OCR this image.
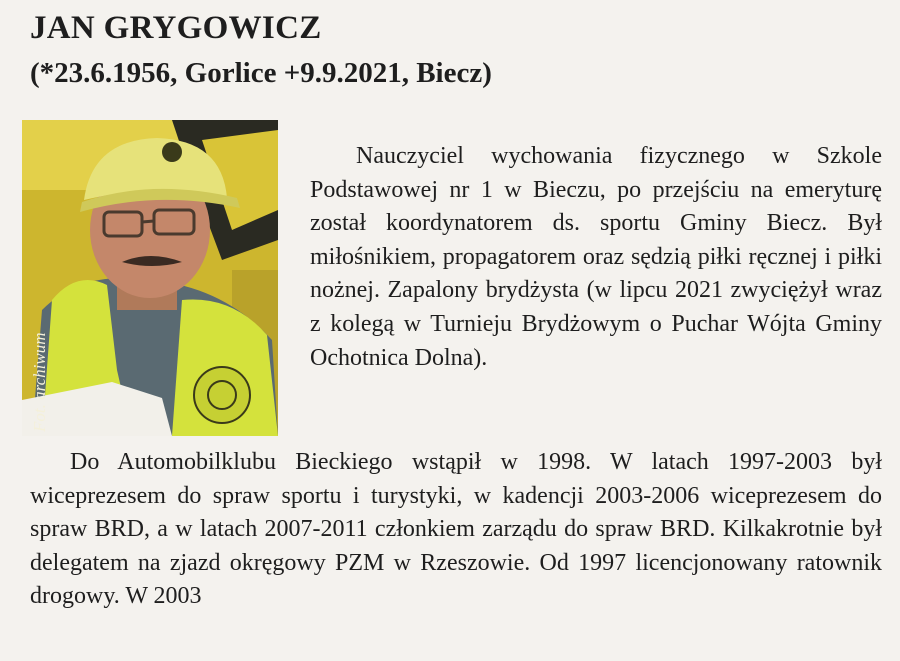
JAN GRYGOWICZ
(*23.6.1956, Gorlice +9.9.2021, Biecz)
Fot. archiwum

Nauczyciel wychowania fizycznego w Szkole Podstawowej nr 1 w Bieczu, po przejściu na emeryturę został koordynatorem ds. sportu Gminy Biecz. Był miłośnikiem, propagatorem oraz sędzią piłki ręcznej i piłki nożnej. Zapalony brydżysta (w lipcu 2021 zwyciężył wraz z kolegą w Turnieju Brydżowym o Puchar Wójta Gminy Ochotnica Dolna).

Do Automobilklubu Bieckiego wstąpił w 1998. W latach 1997-2003 był wiceprezesem do spraw sportu i turystyki, w kadencji 2003-2006 wiceprezesem do spraw BRD, a w latach 2007-2011 członkiem zarządu do spraw BRD. Kilkakrotnie był delegatem na zjazd okręgowy PZM w Rzeszowie. Od 1997 licencjonowany ratownik drogowy. W 2003
